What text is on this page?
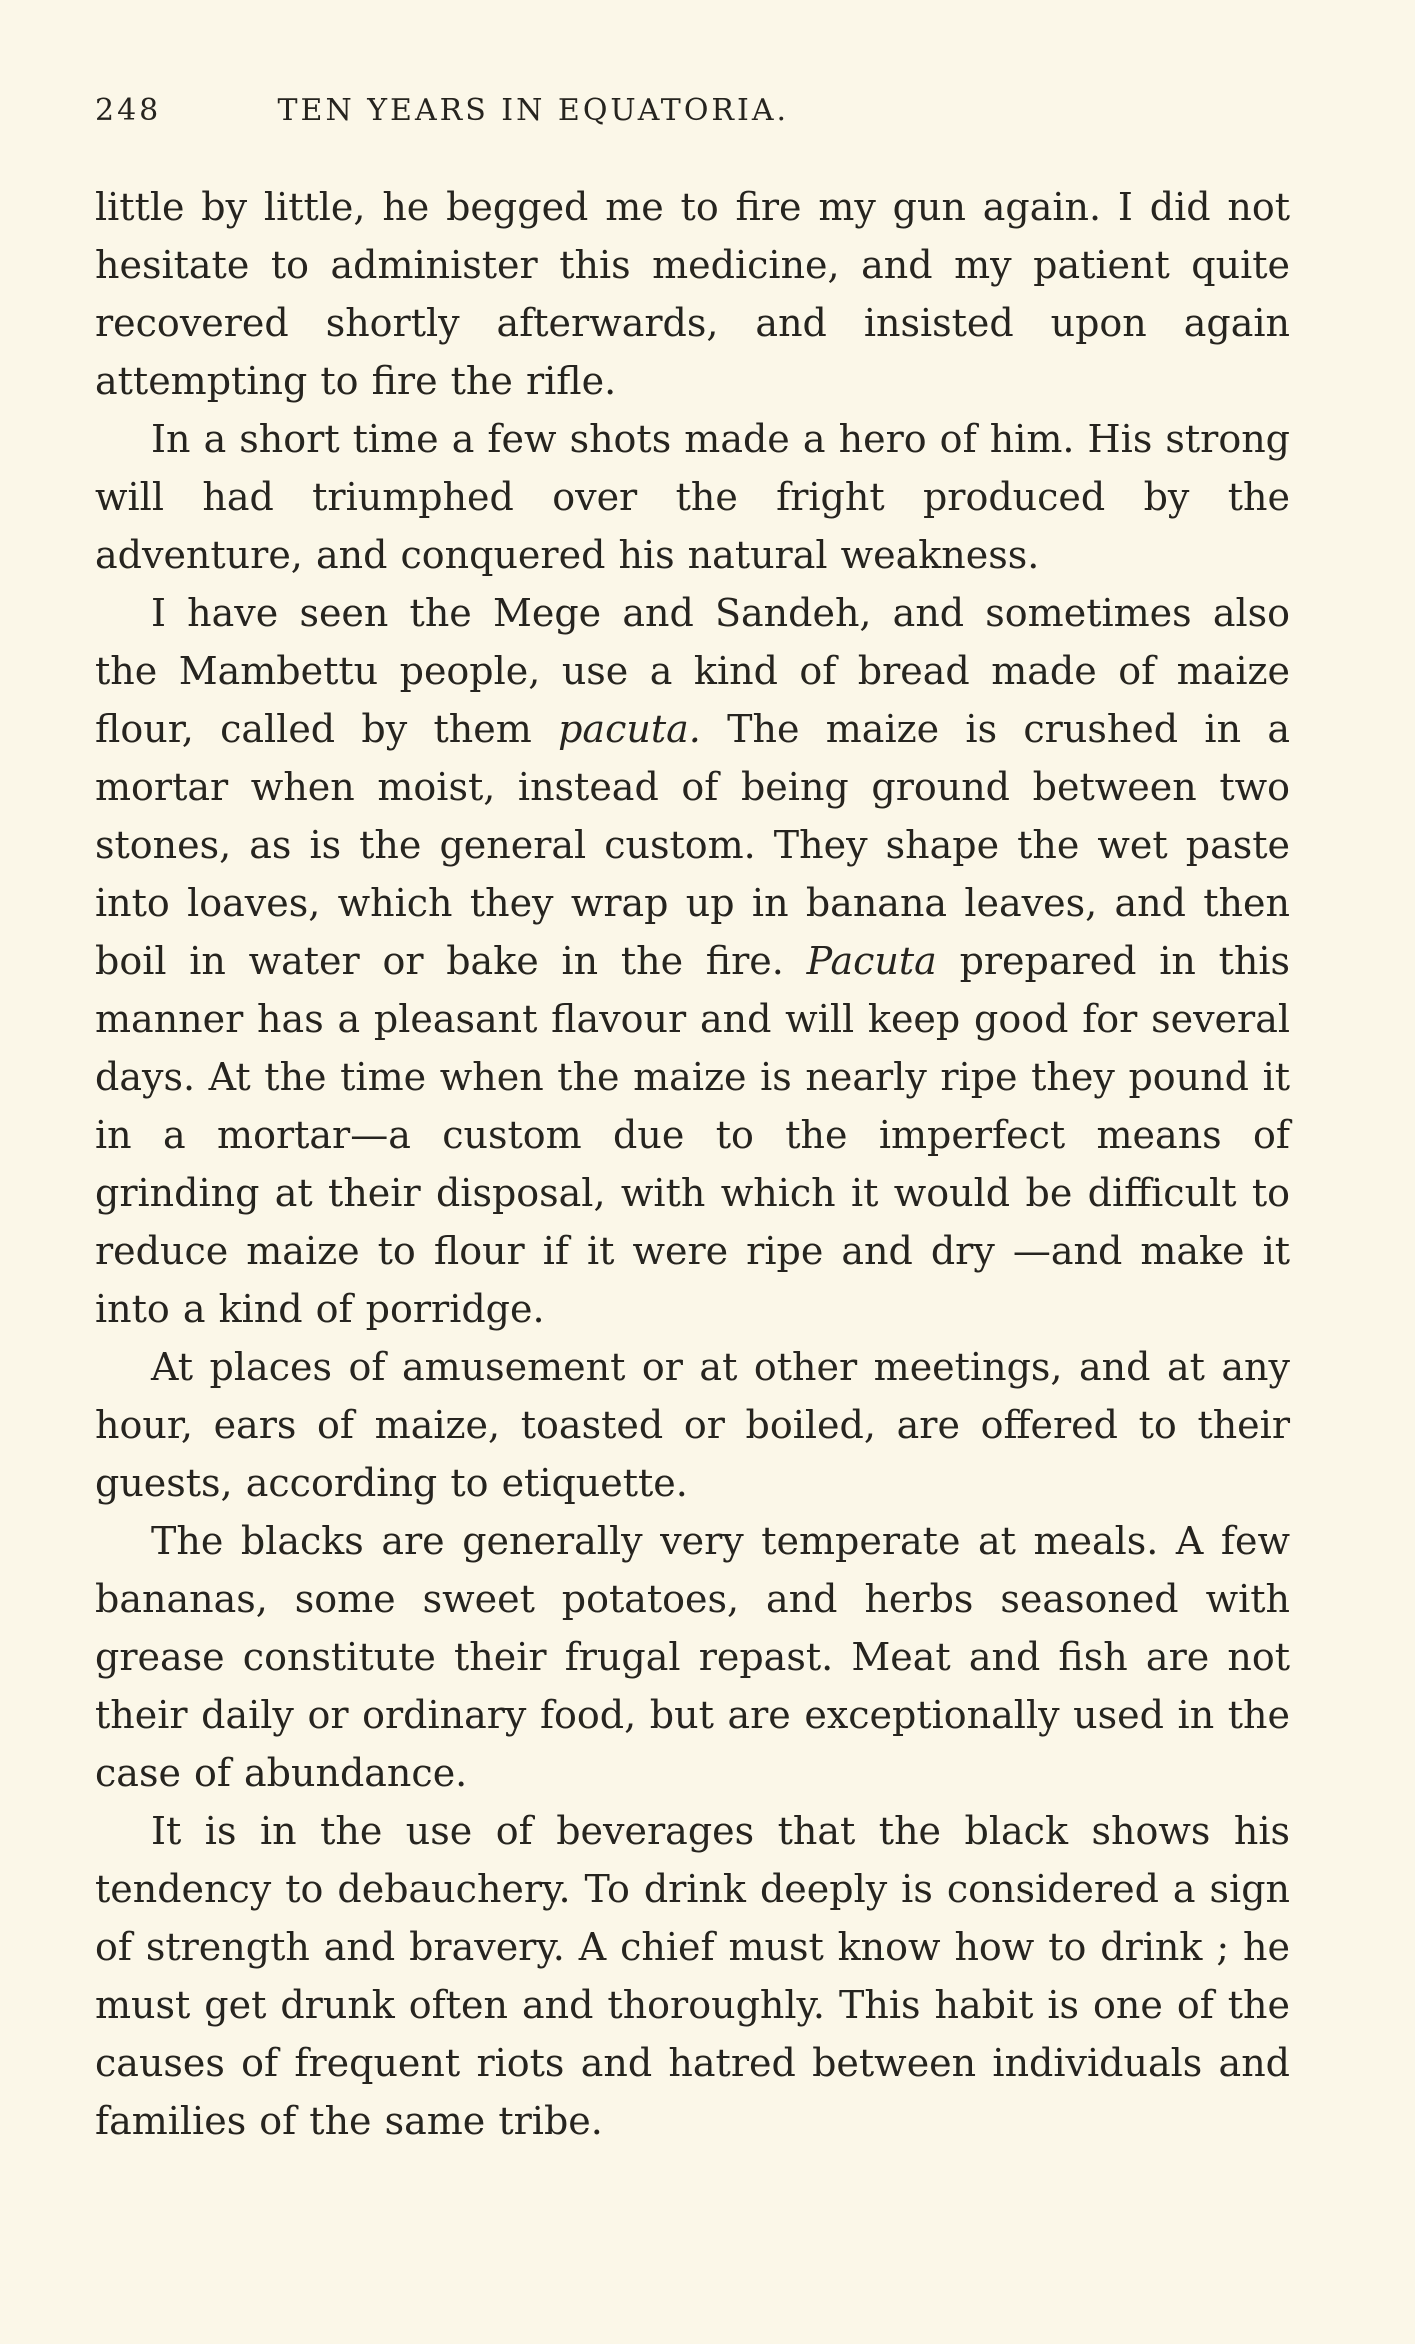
248	TEN YEARS IN EQUATORIA.

little by little, he begged me to fire my gun again. I did not hesitate to administer this medicine, and my patient quite recovered shortly afterwards, and insisted upon again attempting to fire the rifle.

In a short time a few shots made a hero of him. His strong will had triumphed over the fright produced by the adventure, and conquered his natural weakness.

I have seen the Mege and Sandeh, and sometimes also the Mambettu people, use a kind of bread made of maize flour, called by them pacuta. The maize is crushed in a mortar when moist, instead of being ground between two stones, as is the general custom. They shape the wet paste into loaves, which they wrap up in banana leaves, and then boil in water or bake in the fire. Pacuta prepared in this manner has a pleasant flavour and will keep good for several days. At the time when the maize is nearly ripe they pound it in a mortar—a custom due to the imperfect means of grinding at their disposal, with which it would be difficult to reduce maize to flour if it were ripe and dry —and make it into a kind of porridge.

At places of amusement or at other meetings, and at any hour, ears of maize, toasted or boiled, are offered to their guests, according to etiquette.

The blacks are generally very temperate at meals. A few bananas, some sweet potatoes, and herbs seasoned with grease constitute their frugal repast. Meat and fish are not their daily or ordinary food, but are exceptionally used in the case of abundance.

It is in the use of beverages that the black shows his tendency to debauchery. To drink deeply is considered a sign of strength and bravery. A chief must know how to drink ; he must get drunk often and thoroughly. This habit is one of the causes of frequent riots and hatred between individuals and families of the same tribe.
